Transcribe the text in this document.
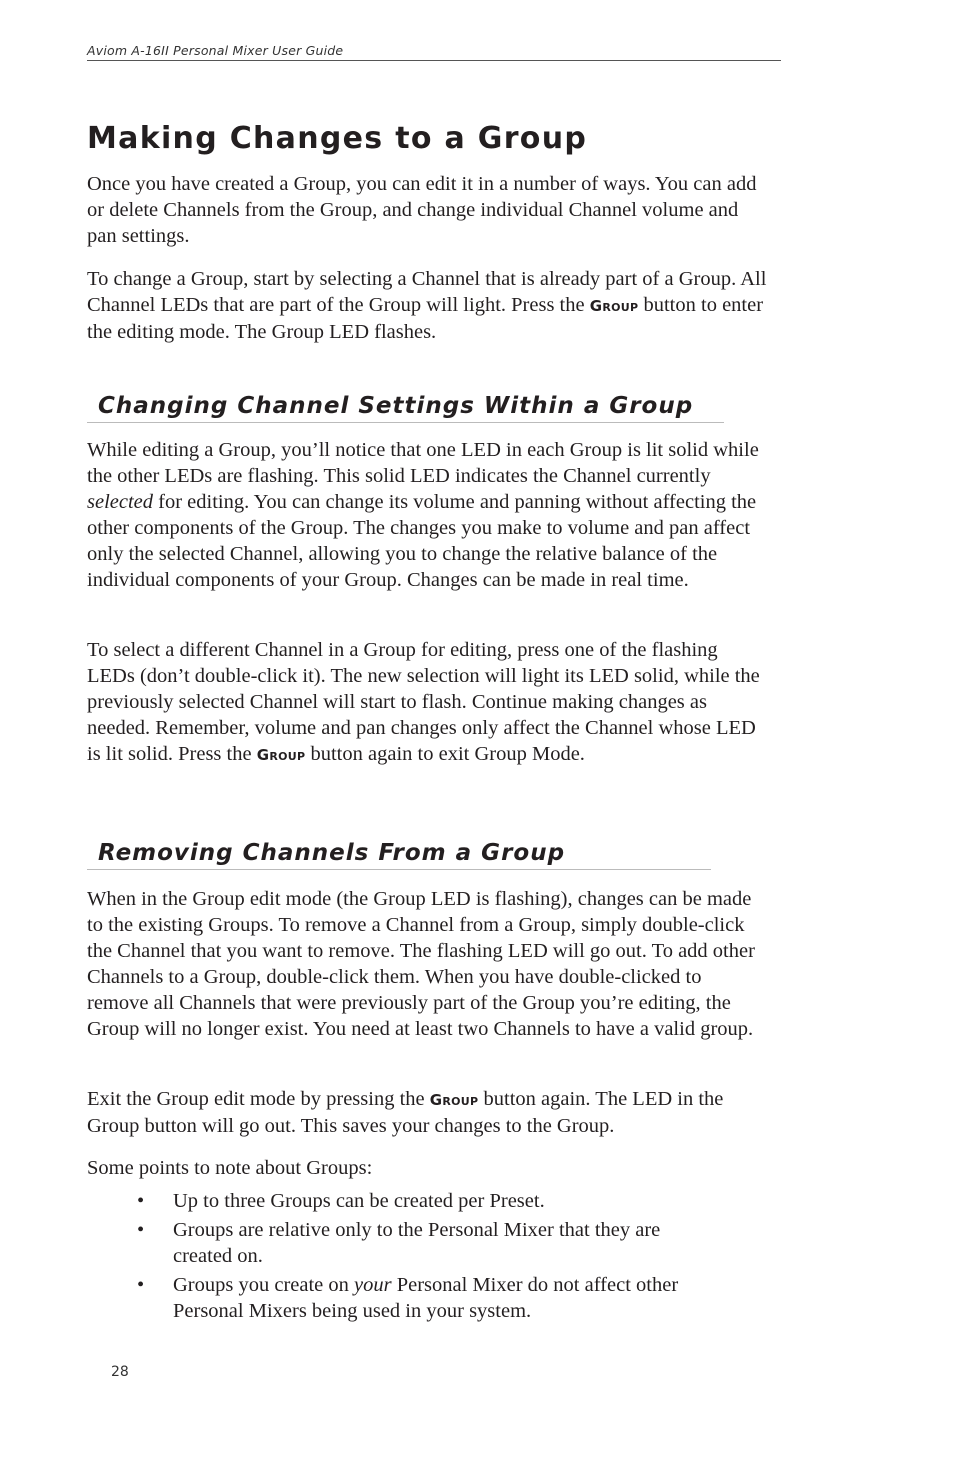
Aviom A-16II Personal Mixer User Guide
Making Changes to a Group

Once you have created a Group, you can edit it in a number of ways. You can add or delete Channels from the Group, and change individual Channel volume and pan settings.

To change a Group, start by selecting a Channel that is already part of a Group. All Channel LEDs that are part of the Group will light. Press the Group button to enter the editing mode. The Group LED flashes.

Changing Channel Settings Within a Group

While editing a Group, you’ll notice that one LED in each Group is lit solid while the other LEDs are flashing. This solid LED indicates the Channel currently selected for editing. You can change its volume and panning without affecting the other components of the Group. The changes you make to volume and pan affect only the selected Channel, allowing you to change the relative balance of the individual components of your Group. Changes can be made in real time.

To select a different Channel in a Group for editing, press one of the flashing LEDs (don’t double-click it). The new selection will light its LED solid, while the previously selected Channel will start to flash. Continue making changes as needed. Remember, volume and pan changes only affect the Channel whose LED is lit solid. Press the Group button again to exit Group Mode.

Removing Channels From a Group

When in the Group edit mode (the Group LED is flashing), changes can be made to the existing Groups. To remove a Channel from a Group, simply double-click the Channel that you want to remove. The flashing LED will go out. To add other Channels to a Group, double-click them. When you have double-clicked to remove all Channels that were previously part of the Group you’re editing, the Group will no longer exist. You need at least two Channels to have a valid group.

Exit the Group edit mode by pressing the Group button again. The LED in the Group button will go out. This saves your changes to the Group.

Some points to note about Groups:

• Up to three Groups can be created per Preset.
• Groups are relative only to the Personal Mixer that they are created on.
• Groups you create on your Personal Mixer do not affect other Personal Mixers being used in your system.
28
